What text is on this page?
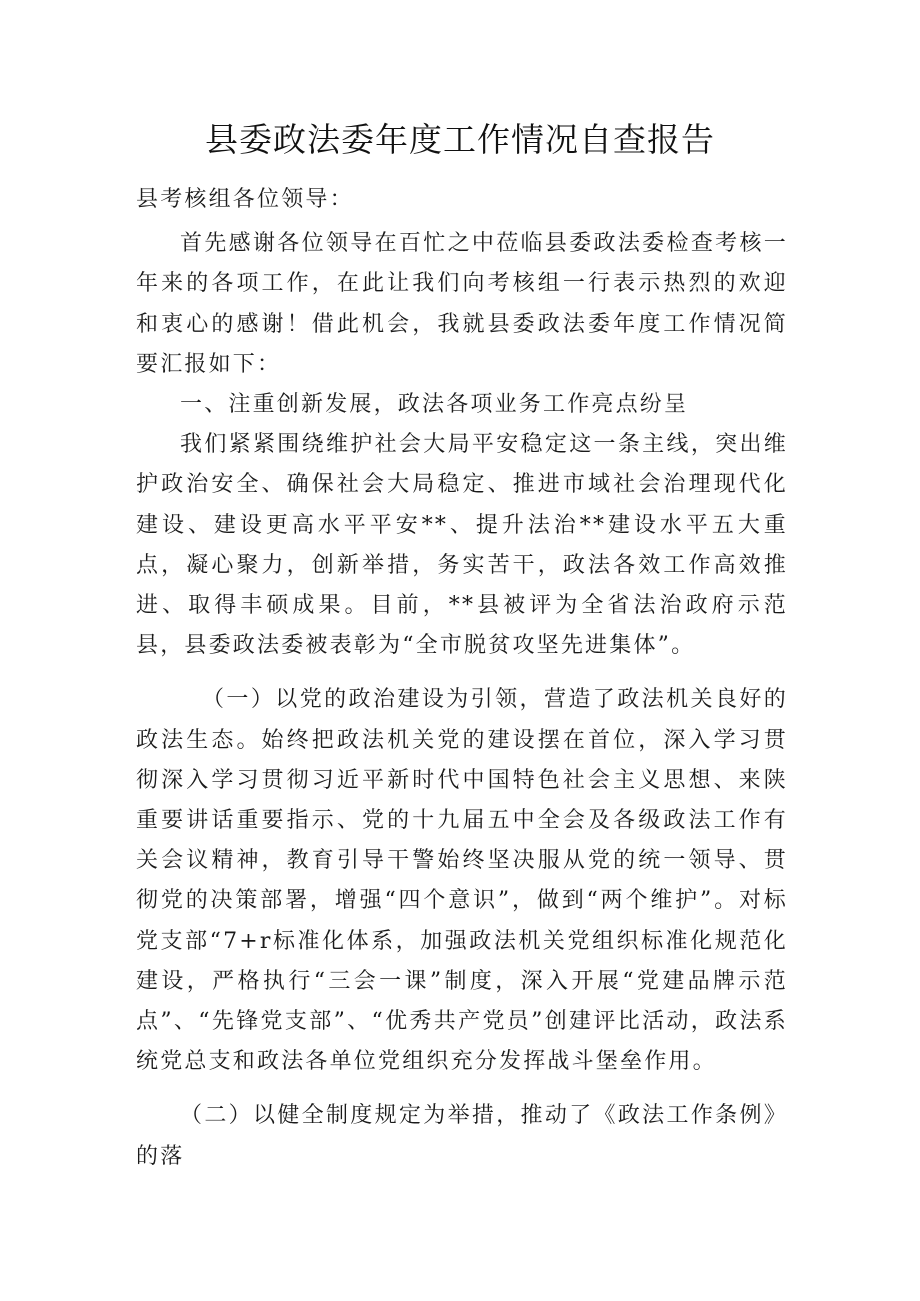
县委政法委年度工作情况自查报告

县考核组各位领导：

首先感谢各位领导在百忙之中莅临县委政法委检查考核一年来的各项工作，在此让我们向考核组一行表示热烈的欢迎和衷心的感谢！借此机会，我就县委政法委年度工作情况简要汇报如下：

一、注重创新发展，政法各项业务工作亮点纷呈

我们紧紧围绕维护社会大局平安稳定这一条主线，突出维护政治安全、确保社会大局稳定、推进市域社会治理现代化建设、建设更高水平平安**、提升法治**建设水平五大重点，凝心聚力，创新举措，务实苦干，政法各效工作高效推进、取得丰硕成果。目前，**县被评为全省法治政府示范县，县委政法委被表彰为“全市脱贫攻坚先进集体”。

（一）以党的政治建设为引领，营造了政法机关良好的政法生态。始终把政法机关党的建设摆在首位，深入学习贯彻深入学习贯彻习近平新时代中国特色社会主义思想、来陕重要讲话重要指示、党的十九届五中全会及各级政法工作有关会议精神，教育引导干警始终坚决服从党的统一领导、贯彻党的决策部署，增强“四个意识”，做到“两个维护”。对标党支部“7+r标准化体系，加强政法机关党组织标准化规范化建设，严格执行“三会一课”制度，深入开展“党建品牌示范点”、“先锋党支部”、“优秀共产党员”创建评比活动，政法系统党总支和政法各单位党组织充分发挥战斗堡垒作用。

（二）以健全制度规定为举措，推动了《政法工作条例》的落
